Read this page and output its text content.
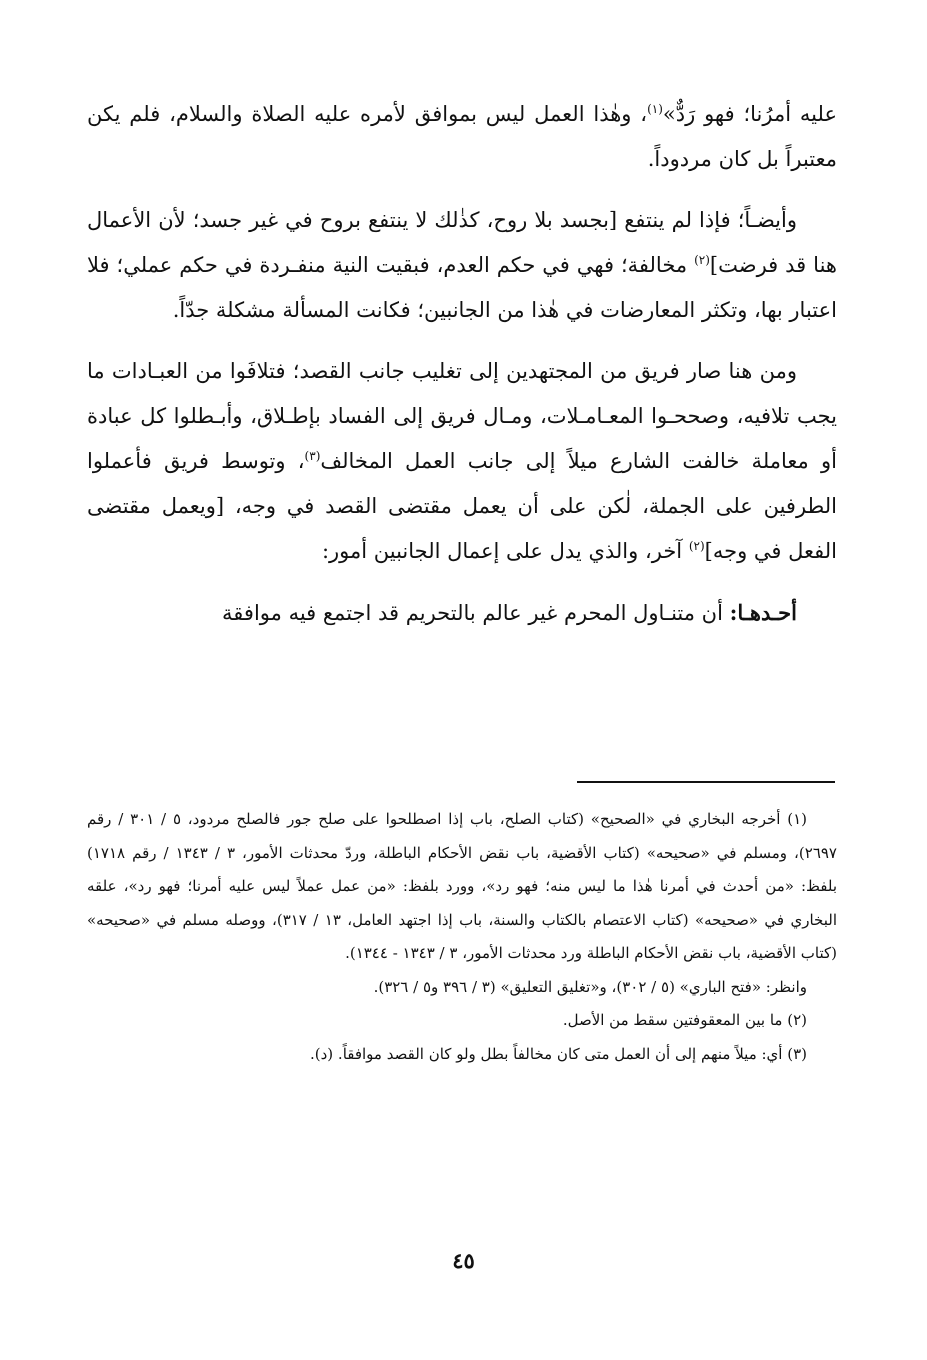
عليه أمرُنا؛ فهو رَدٌّ»$^{(١)}$، وهٰذا العمل ليس بموافق لأمره عليه الصلاة والسلام، فلم يكن معتبراً بل كان مردوداً.

وأيضـاً؛ فإذا لم ينتفع [بجسد بلا روح، كذٰلك لا ينتفع بروح في غير جسد؛ لأن الأعمال هنا قد فرضت]$^{(٢)}$ مخالفة؛ فهي في حكم العدم، فبقيت النية منفـردة في حكم عملي؛ فلا اعتبار بها، وتكثر المعارضات في هٰذا من الجانبين؛ فكانت المسألة مشكلة جدّاً.

ومن هنا صار فريق من المجتهدين إلى تغليب جانب القصد؛ فتلافَوا من العبـادات ما يجب تلافيه، وصححـوا المعـامـلات، ومـال فريق إلى الفساد بإطـلاق، وأبـطلوا كل عبادة أو معاملة خالفت الشارع ميلاً إلى جانب العمل المخالف$^{(٣)}$، وتوسط فريق فأعملوا الطرفين على الجملة، لٰكن على أن يعمل مقتضى القصد في وجه، [ويعمل مقتضى الفعل في وجه]$^{(٢)}$ آخر، والذي يدل على إعمال الجانبين أمور:

أحـدهـا: أن متنـاول المحرم غير عالم بالتحريم قد اجتمع فيه موافقة

(١) أخرجه البخاري في «الصحيح» (كتاب الصلح، باب إذا اصطلحوا على صلح جور فالصلح مردود، ٥ / ٣٠١ / رقم ٢٦٩٧)، ومسلم في «صحيحه» (كتاب الأقضية، باب نقض الأحكام الباطلة، وردّ محدثات الأمور، ٣ / ١٣٤٣ / رقم ١٧١٨) بلفظ: «من أحدث في أمرنا هٰذا ما ليس منه؛ فهو رد»، وورد بلفظ: «من عمل عملاً ليس عليه أمرنا؛ فهو رد»، علقه البخاري في «صحيحه» (كتاب الاعتصام بالكتاب والسنة، باب إذا اجتهد العامل، ١٣ / ٣١٧)، ووصله مسلم في «صحيحه» (كتاب الأقضية، باب نقض الأحكام الباطلة ورد محدثات الأمور، ٣ / ١٣٤٣ - ١٣٤٤).

وانظر: «فتح الباري» (٥ / ٣٠٢)، و«تغليق التعليق» (٣ / ٣٩٦ و٥ / ٣٢٦).

(٢) ما بين المعقوفتين سقط من الأصل.

(٣) أي: ميلاً منهم إلى أن العمل متى كان مخالفاً بطل ولو كان القصد موافقاً. (د).

٤٥
